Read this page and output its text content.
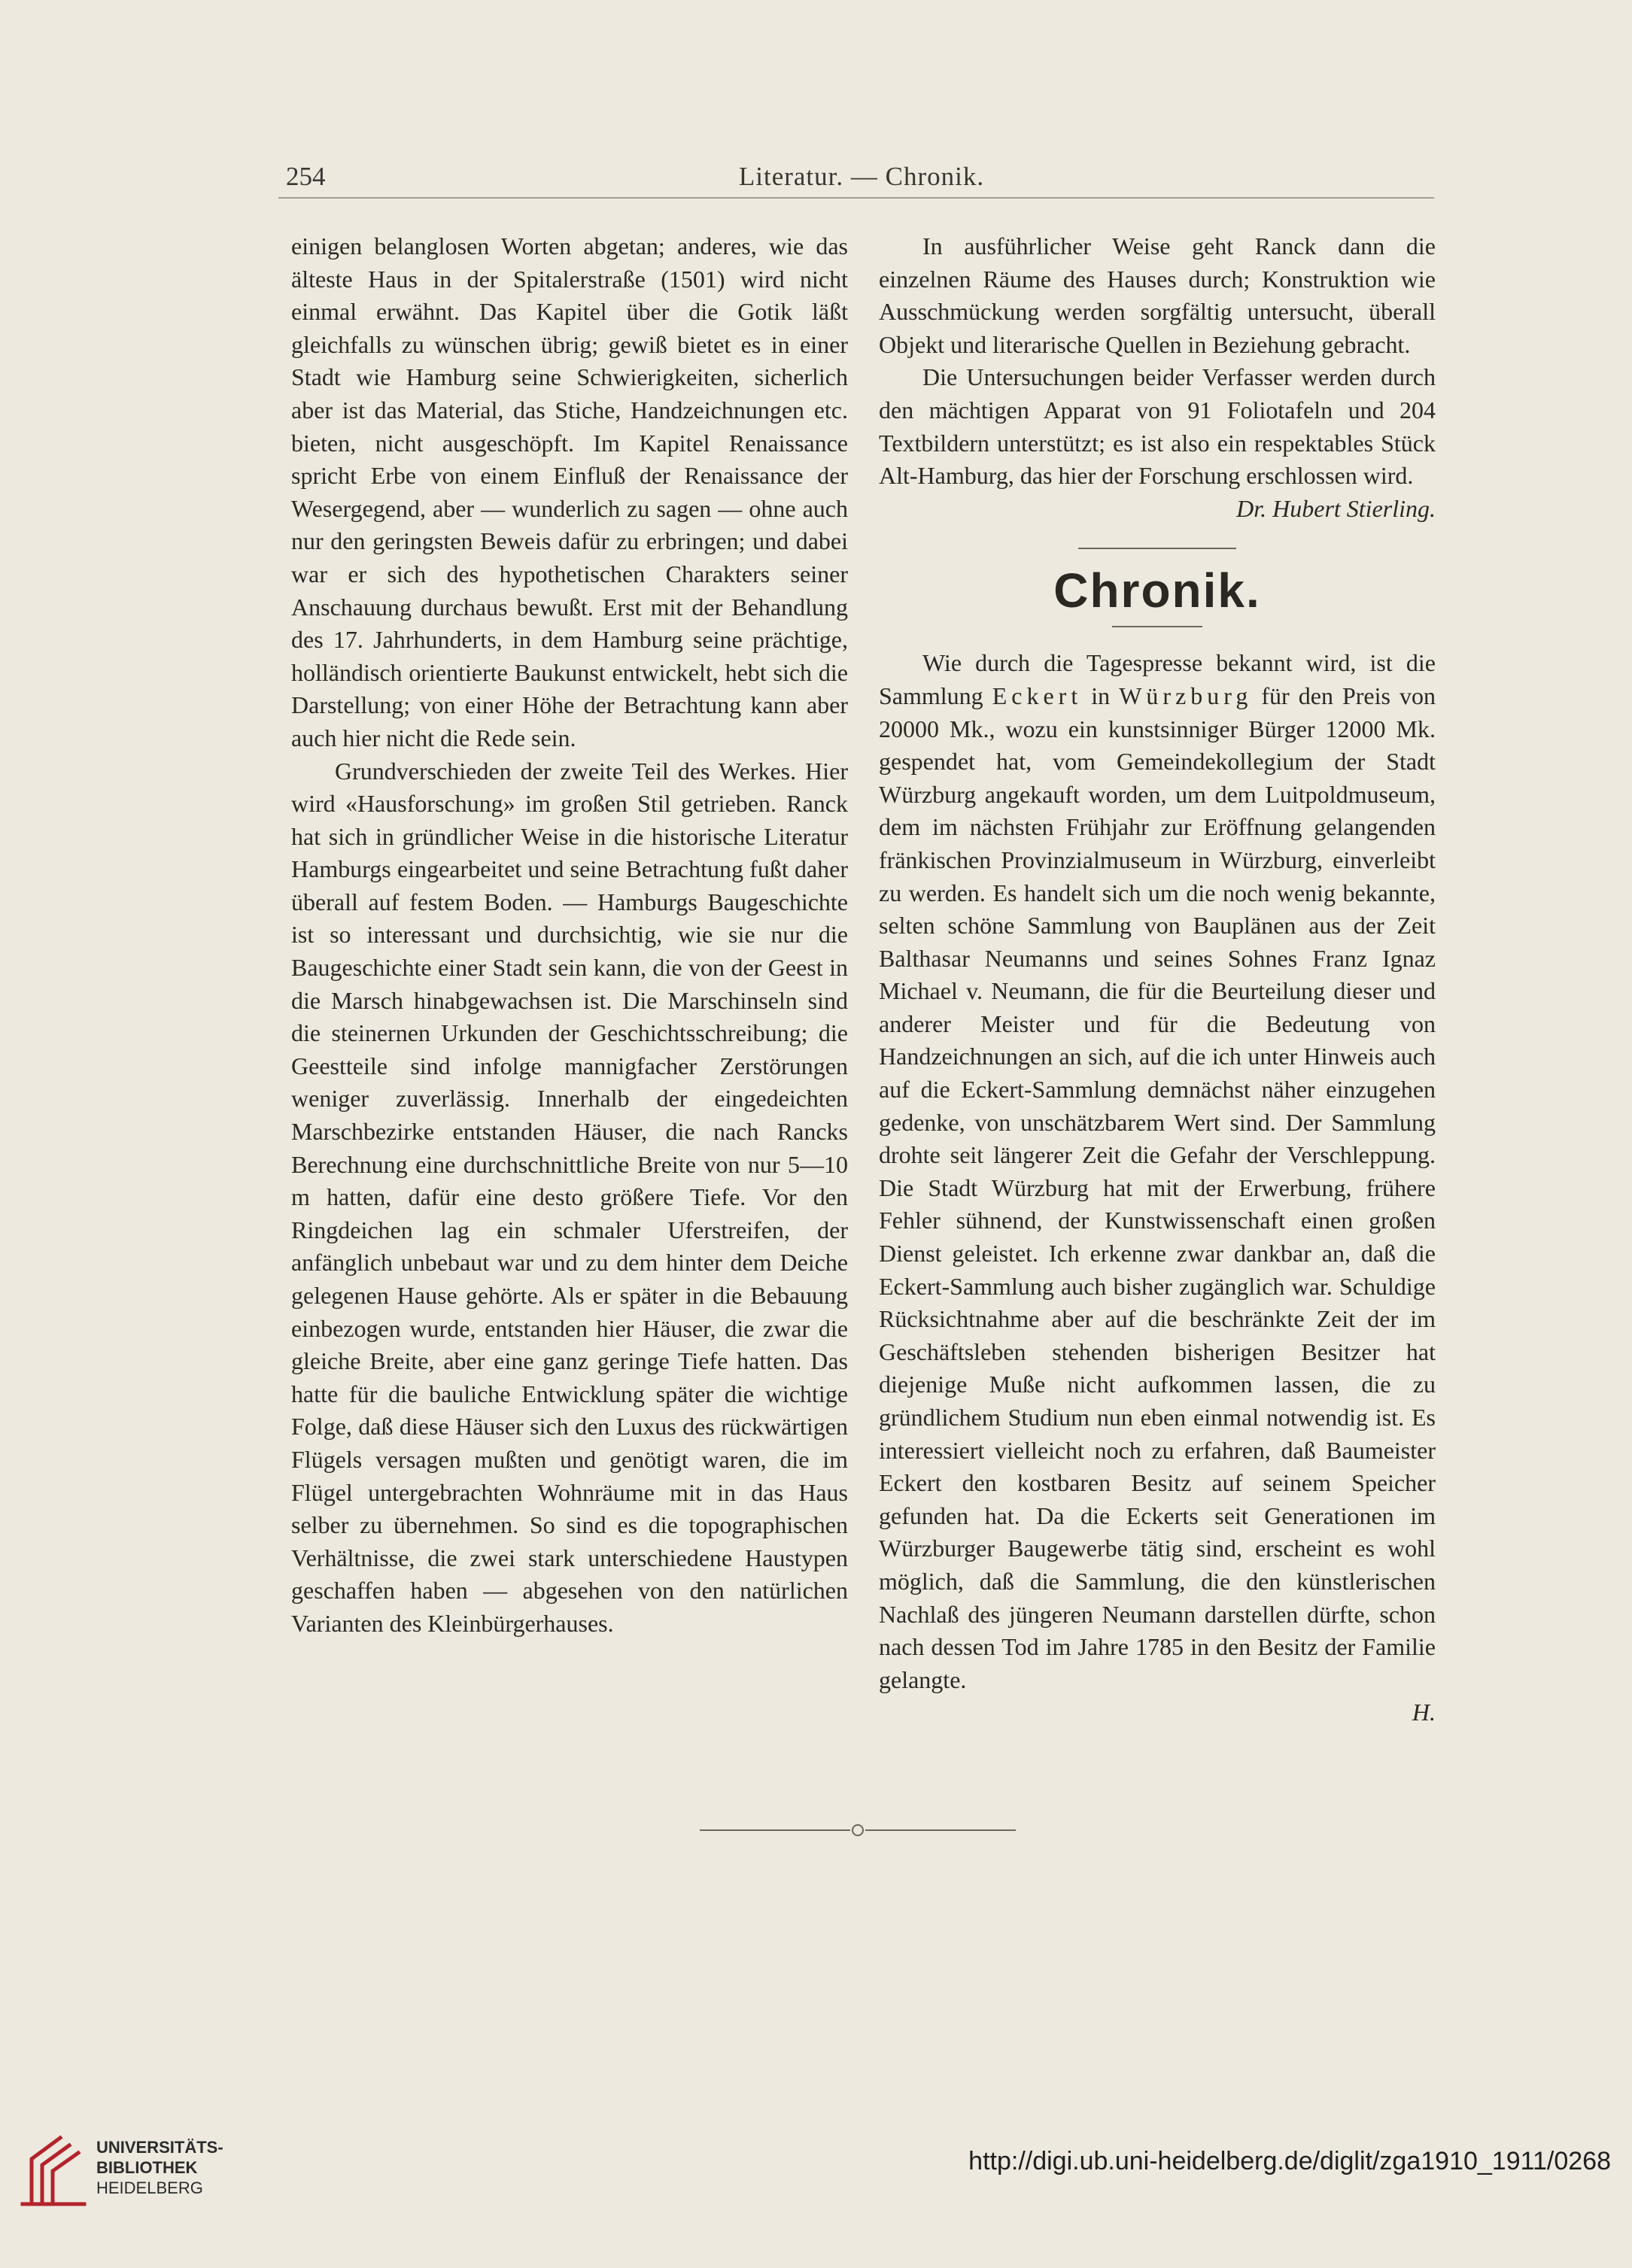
254	Literatur. — Chronik.

einigen belanglosen Worten abgetan; anderes, wie das älteste Haus in der Spitalerstraße (1501) wird nicht einmal erwähnt. Das Kapitel über die Gotik läßt gleichfalls zu wünschen übrig; gewiß bietet es in einer Stadt wie Hamburg seine Schwierigkeiten, sicherlich aber ist das Material, das Stiche, Handzeichnungen etc. bieten, nicht ausgeschöpft. Im Kapitel Renaissance spricht Erbe von einem Einfluß der Renaissance der Wesergegend, aber — wunderlich zu sagen — ohne auch nur den geringsten Beweis dafür zu erbringen; und dabei war er sich des hypothetischen Charakters seiner Anschauung durchaus bewußt. Erst mit der Behandlung des 17. Jahrhunderts, in dem Hamburg seine prächtige, holländisch orientierte Baukunst entwickelt, hebt sich die Darstellung; von einer Höhe der Betrachtung kann aber auch hier nicht die Rede sein.

Grundverschieden der zweite Teil des Werkes. Hier wird «Hausforschung» im großen Stil getrieben. Ranck hat sich in gründlicher Weise in die historische Literatur Hamburgs eingearbeitet und seine Betrachtung fußt daher überall auf festem Boden. — Hamburgs Baugeschichte ist so interessant und durchsichtig, wie sie nur die Baugeschichte einer Stadt sein kann, die von der Geest in die Marsch hinabgewachsen ist. Die Marschinseln sind die steinernen Urkunden der Geschichtsschreibung; die Geestteile sind infolge mannigfacher Zerstörungen weniger zuverlässig. Innerhalb der eingedeichten Marschbezirke entstanden Häuser, die nach Rancks Berechnung eine durchschnittliche Breite von nur 5—10 m hatten, dafür eine desto größere Tiefe. Vor den Ringdeichen lag ein schmaler Uferstreifen, der anfänglich unbebaut war und zu dem hinter dem Deiche gelegenen Hause gehörte. Als er später in die Bebauung einbezogen wurde, entstanden hier Häuser, die zwar die gleiche Breite, aber eine ganz geringe Tiefe hatten. Das hatte für die bauliche Entwicklung später die wichtige Folge, daß diese Häuser sich den Luxus des rückwärtigen Flügels versagen mußten und genötigt waren, die im Flügel untergebrachten Wohnräume mit in das Haus selber zu übernehmen. So sind es die topographischen Verhältnisse, die zwei stark unterschiedene Haustypen geschaffen haben — abgesehen von den natürlichen Varianten des Kleinbürgerhauses.

In ausführlicher Weise geht Ranck dann die einzelnen Räume des Hauses durch; Konstruktion wie Ausschmückung werden sorgfältig untersucht, überall Objekt und literarische Quellen in Beziehung gebracht.

Die Untersuchungen beider Verfasser werden durch den mächtigen Apparat von 91 Foliotafeln und 204 Textbildern unterstützt; es ist also ein respektables Stück Alt-Hamburg, das hier der Forschung erschlossen wird.

Dr. Hubert Stierling.
Chronik.

Wie durch die Tagespresse bekannt wird, ist die Sammlung Eckert in Würzburg für den Preis von 20000 Mk., wozu ein kunstsinniger Bürger 12000 Mk. gespendet hat, vom Gemeindekollegium der Stadt Würzburg angekauft worden, um dem Luitpoldmuseum, dem im nächsten Frühjahr zur Eröffnung gelangenden fränkischen Provinzialmuseum in Würzburg, einverleibt zu werden. Es handelt sich um die noch wenig bekannte, selten schöne Sammlung von Bauplänen aus der Zeit Balthasar Neumanns und seines Sohnes Franz Ignaz Michael v. Neumann, die für die Beurteilung dieser und anderer Meister und für die Bedeutung von Handzeichnungen an sich, auf die ich unter Hinweis auch auf die Eckert-Sammlung demnächst näher einzugehen gedenke, von unschätzbarem Wert sind. Der Sammlung drohte seit längerer Zeit die Gefahr der Verschleppung. Die Stadt Würzburg hat mit der Erwerbung, frühere Fehler sühnend, der Kunstwissenschaft einen großen Dienst geleistet. Ich erkenne zwar dankbar an, daß die Eckert-Sammlung auch bisher zugänglich war. Schuldige Rücksichtnahme aber auf die beschränkte Zeit der im Geschäftsleben stehenden bisherigen Besitzer hat diejenige Muße nicht aufkommen lassen, die zu gründlichem Studium nun eben einmal notwendig ist. Es interessiert vielleicht noch zu erfahren, daß Baumeister Eckert den kostbaren Besitz auf seinem Speicher gefunden hat. Da die Eckerts seit Generationen im Würzburger Baugewerbe tätig sind, erscheint es wohl möglich, daß die Sammlung, die den künstlerischen Nachlaß des jüngeren Neumann darstellen dürfte, schon nach dessen Tod im Jahre 1785 in den Besitz der Familie gelangte.

H.
UNIVERSITÄTS-
BIBLIOTHEK
HEIDELBERG
http://digi.ub.uni-heidelberg.de/diglit/zga1910_1911/0268
